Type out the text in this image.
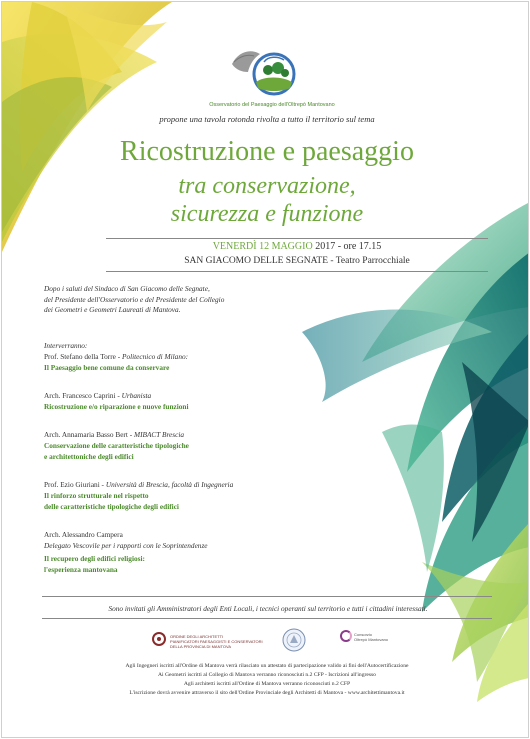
Osservatorio del Paesaggio dell'Oltrepò Mantovano
propone una tavola rotonda rivolta a tutto il territorio sul tema
Ricostruzione e paesaggio
tra conservazione,
sicurezza e funzione
VENERDÌ 12 MAGGIO 2017 - ore 17.15
SAN GIACOMO DELLE SEGNATE - Teatro Parrocchiale
Dopo i saluti del Sindaco di San Giacomo delle Segnate,
del Presidente dell'Osservatorio e del Presidente del Collegio
dei Geometri e Geometri Laureati di Mantova.
Interverranno:
Prof. Stefano della Torre - Politecnico di Milano:
Il Paesaggio bene comune da conservare
Arch. Francesco Caprini - Urbanista
Ricostruzione e/o riparazione e nuove funzioni
Arch. Annamaria Basso Bert - MIBACT Brescia
Conservazione delle caratteristiche tipologiche
e architettoniche degli edifici
Prof. Ezio Giuriani - Università di Brescia, facoltà di Ingegneria
Il rinforzo strutturale nel rispetto
delle caratteristiche tipologiche degli edifici
Arch. Alessandro Campera
Delegato Vescovile per i rapporti con le Soprintendenze
Il recupero degli edifici religiosi:
l'esperienza mantovana
Sono invitati gli Amministratori degli Enti Locali, i tecnici operanti sul territorio e tutti i cittadini interessati.
ORDINE DEGLI ARCHITETTI
PIANIFICATORI PAESAGGISTI E CONSERVATORI
DELLA PROVINCIA DI MANTOVA
Consorzio
Oltrepò Mantovano
Agli Ingegneri iscritti all'Ordine di Mantova verrà rilasciato un attestato di partecipazione valido ai fini dell'Autocertificazione
Ai Geometri iscritti al Collegio di Mantova verranno riconosciuti n.2 CFP - Iscrizioni all'ingresso
Agli architetti iscritti all'Ordine di Mantova verranno riconosciuti n.2 CFP
L'iscrizione dovrà avvenire attraverso il sito dell'Ordine Provinciale degli Architetti di Mantova - www.architettimantova.it
